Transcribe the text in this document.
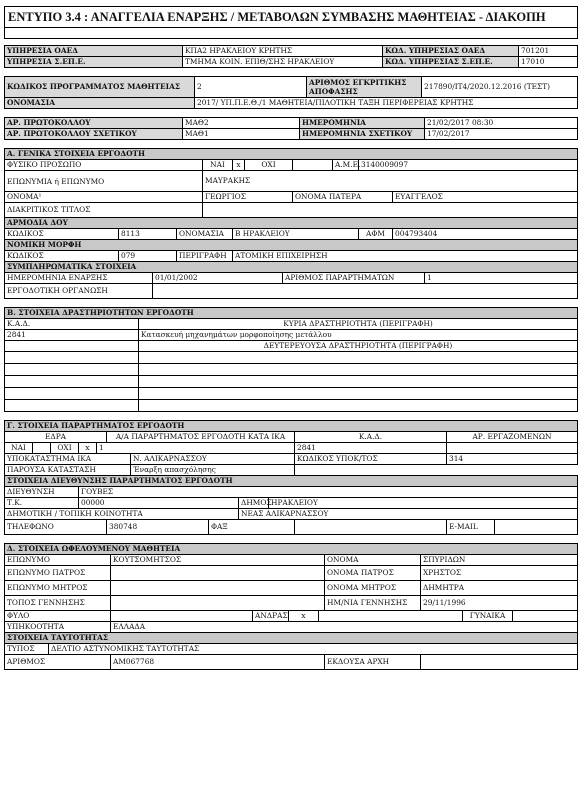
ΕΝΤΥΠΟ 3.4 : ΑΝΑΓΓΕΛΙΑ ΕΝΑΡΞΗΣ / ΜΕΤΑΒΟΛΩΝ ΣΥΜΒΑΣΗΣ ΜΑΘΗΤΕΙΑΣ - ΔΙΑΚΟΠΗ
ΥΠΗΡΕΣΙΑ ΟΑΕΔ	ΚΠΑ2 ΗΡΑΚΛΕΙΟΥ ΚΡΗΤΗΣ	ΚΩΔ. ΥΠΗΡΕΣΙΑΣ ΟΑΕΔ	701201
ΥΠΗΡΕΣΙΑ Σ.ΕΠ.Ε.	ΤΜΗΜΑ ΚΟΙΝ. ΕΠΙΘ/ΣΗΣ ΗΡΑΚΛΕΙΟΥ	ΚΩΔ. ΥΠΗΡΕΣΙΑΣ Σ.ΕΠ.Ε.	17010
ΚΩΔΙΚΟΣ ΠΡΟΓΡΑΜΜΑΤΟΣ ΜΑΘΗΤΕΙΑΣ	2	ΑΡΙΘΜΟΣ ΕΓΚΡΙΤΙΚΗΣ ΑΠΟΦΑΣΗΣ	217890/ΙΤ4/2020.12.2016 (ΤΕΣΤ)
ΟΝΟΜΑΣΙΑ	2017/ ΥΠ.Π.Ε.Θ./1 ΜΑΘΗΤΕΙΑ/ΠΙΛΟΤΙΚΗ ΤΑΞΗ ΠΕΡΙΦΕΡΕΙΑΣ ΚΡΗΤΗΣ		
ΑΡ. ΠΡΩΤΟΚΟΛΛΟΥ	ΜΑΘ2	ΗΜΕΡΟΜΗΝΙΑ	21/02/2017 08:30
ΑΡ. ΠΡΩΤΟΚΟΛΛΟΥ ΣΧΕΤΙΚΟΥ	ΜΑΘ1	ΗΜΕΡΟΜΗΝΙΑ ΣΧΕΤΙΚΟΥ	17/02/2017
Α. ΓΕΝΙΚΑ ΣΤΟΙΧΕΙΑ ΕΡΓΟΔΟΤΗ												
ΦΥΣΙΚΟ ΠΡΟΣΩΠΟ				ΝΑΙ	x	ΟΧΙ			Α.Μ.Ε.	3140009097		
ΕΠΩΝΥΜΙΑ ή ΕΠΩΝΥΜΟ				ΜΑΥΡΑΚΗΣ								
ΟΝΟΜΑ¹				ΓΕΩΡΓΙΟΣ				ΟΝΟΜΑ ΠΑΤΕΡΑ			ΕΥΑΓΓΕΛΟΣ	
ΔΙΑΚΡΙΤΙΚΟΣ ΤΙΤΛΟΣ												
ΑΡΜΟΔΙΑ ΔΟΥ												
ΚΩΔΙΚΟΣ	8113		ΟΝΟΜΑΣΙΑ		Β ΗΡΑΚΛΕΙΟΥ					ΑΦΜ	004793404	
ΝΟΜΙΚΗ ΜΟΡΦΗ												
ΚΩΔΙΚΟΣ	079		ΠΕΡΙΓΡΑΦΗ		ΑΤΟΜΙΚΗ ΕΠΙΧΕΙΡΗΣΗ							
ΣΥΜΠΛΗΡΩΜΑΤΙΚΑ ΣΤΟΙΧΕΙΑ												
ΗΜΕΡΟΜΗΝΙΑ ΕΝΑΡΞΗΣ		01/01/2002					ΑΡΙΘΜΟΣ ΠΑΡΑΡΤΗΜΑΤΩΝ					1
ΕΡΓΟΔΟΤΙΚΗ ΟΡΓΑΝΩΣΗ												
Β. ΣΤΟΙΧΕΙΑ ΔΡΑΣΤΗΡΙΟΤΗΤΩΝ ΕΡΓΟΔΟΤΗ	
Κ.Α.Δ.	ΚΥΡΙΑ ΔΡΑΣΤΗΡΙΟΤΗΤΑ (ΠΕΡΙΓΡΑΦΗ)
2841	Κατασκευή μηχανημάτων μορφοποίησης μετάλλου
	ΔΕΥΤΕΡΕΥΟΥΣΑ ΔΡΑΣΤΗΡΙΟΤΗΤΑ (ΠΕΡΙΓΡΑΦΗ)

Γ. ΣΤΟΙΧΕΙΑ ΠΑΡΑΡΤΗΜΑΤΟΣ ΕΡΓΟΔΟΤΗ												
ΕΔΡΑ					Α/Α ΠΑΡΑΡΤΗΜΑΤΟΣ ΕΡΓΟΔΟΤΗ ΚΑΤΑ ΙΚΑ					Κ.Α.Δ.	ΑΡ. ΕΡΓΑΖΟΜΕΝΩΝ	
ΝΑΙ		ΟΧΙ	x	1						2841		
ΥΠΟΚΑΤΑΣΤΗΜΑ ΙΚΑ						Ν. ΑΛΙΚΑΡΝΑΣΣΟΥ				ΚΩΔΙΚΟΣ ΥΠΟΚ/ΤΟΣ	314	
ΠΑΡΟΥΣΑ ΚΑΤΑΣΤΑΣΗ						Έναρξη απασχόλησης						
ΣΤΟΙΧΕΙΑ ΔΙΕΥΘΥΝΣΗΣ ΠΑΡΑΡΤΗΜΑΤΟΣ ΕΡΓΟΔΟΤΗ												
ΔΙΕΥΘΥΝΣΗ			ΓΟΥΒΕΣ									
Τ.Κ.			00000					ΔΗΜΟΣ	ΗΡΑΚΛΕΙΟΥ			
ΔΗΜΟΤΙΚΗ / ΤΟΠΙΚΗ ΚΟΙΝΟΤΗΤΑ								ΝΕΑΣ ΑΛΙΚΑΡΝΑΣΣΟΥ				
ΤΗΛΕΦΩΝΟ					380748		ΦΑΞ				E-MAIL	
Δ. ΣΤΟΙΧΕΙΑ ΩΦΕΛΟΥΜΕΝΟΥ ΜΑΘΗΤΕΙΑ									
ΕΠΩΝΥΜΟ		ΚΟΥΤΣΟΜΗΤΣΟΣ				ΟΝΟΜΑ	ΣΠΥΡΙΔΩΝ		
ΕΠΩΝΥΜΟ ΠΑΤΡΟΣ						ΟΝΟΜΑ ΠΑΤΡΟΣ	ΧΡΗΣΤΟΣ		
ΕΠΩΝΥΜΟ ΜΗΤΡΟΣ						ΟΝΟΜΑ ΜΗΤΡΟΣ	ΔΗΜΗΤΡΑ		
ΤΟΠΟΣ ΓΕΝΝΗΣΗΣ						ΗΜ/ΝΙΑ ΓΕΝΝΗΣΗΣ	29/11/1996		
ΦΥΛΟ			ΑΝΔΡΑΣ	x				ΓΥΝΑΙΚΑ	
ΥΠΗΚΟΟΤΗΤΑ		ΕΛΛΑΔΑ							
ΣΤΟΙΧΕΙΑ ΤΑΥΤΟΤΗΤΑΣ									
ΤΥΠΟΣ	ΔΕΛΤΙΟ ΑΣΤΥΝΟΜΙΚΗΣ ΤΑΥΤΟΤΗΤΑΣ								
ΑΡΙΘΜΟΣ		ΑΜ067768				ΕΚΔΟΥΣΑ ΑΡΧΗ			
